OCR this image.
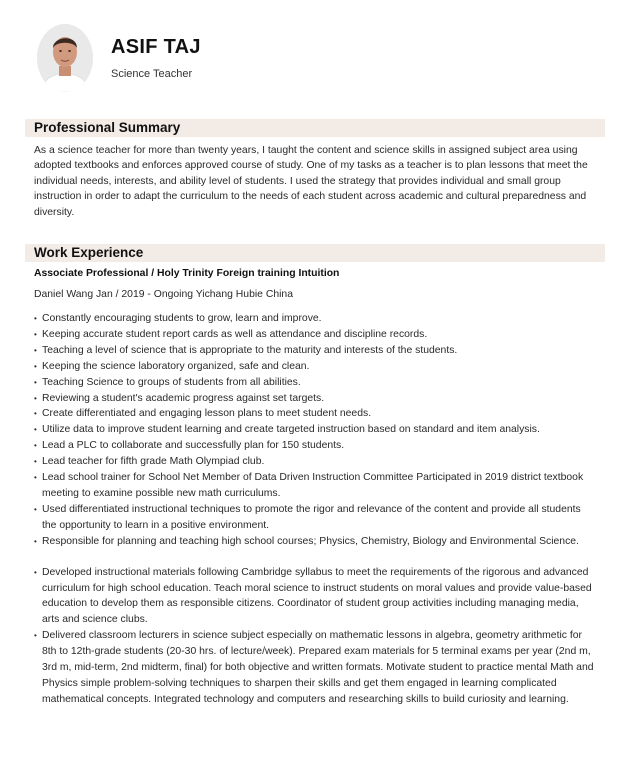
ASIF TAJ
Science Teacher
Professional Summary
As a science teacher for more than twenty years, I taught the content and science skills in assigned subject area using adopted textbooks and enforces approved course of study. One of my tasks as a teacher is to plan lessons that meet the individual needs, interests, and ability level of students. I used the strategy that provides individual and small group instruction in order to adapt the curriculum to the needs of each student across academic and cultural preparedness and diversity.
Work Experience
Associate Professional / Holy Trinity Foreign training Intuition
Daniel Wang Jan / 2019 - Ongoing Yichang Hubie China
• Constantly encouraging students to grow, learn and improve.
• Keeping accurate student report cards as well as attendance and discipline records.
• Teaching a level of science that is appropriate to the maturity and interests of the students.
• Keeping the science laboratory organized, safe and clean.
• Teaching Science to groups of students from all abilities.
• Reviewing a student's academic progress against set targets.
• Create differentiated and engaging lesson plans to meet student needs.
• Utilize data to improve student learning and create targeted instruction based on standard and item analysis.
• Lead a PLC to collaborate and successfully plan for 150 students.
• Lead teacher for fifth grade Math Olympiad club.
• Lead school trainer for School Net Member of Data Driven Instruction Committee Participated in 2019 district textbook meeting to examine possible new math curriculums.
• Used differentiated instructional techniques to promote the rigor and relevance of the content and provide all students the opportunity to learn in a positive environment.
• Responsible for planning and teaching high school courses; Physics, Chemistry, Biology and Environmental Science.
• Developed instructional materials following Cambridge syllabus to meet the requirements of the rigorous and advanced curriculum for high school education. Teach moral science to instruct students on moral values and provide value-based education to develop them as responsible citizens. Coordinator of student group activities including managing media, arts and science clubs.
• Delivered classroom lecturers in science subject especially on mathematic lessons in algebra, geometry arithmetic for 8th to 12th-grade students (20-30 hrs. of lecture/week). Prepared exam materials for 5 terminal exams per year (2nd m, 3rd m, mid-term, 2nd midterm, final) for both objective and written formats. Motivate student to practice mental Math and Physics simple problem-solving techniques to sharpen their skills and get them engaged in learning complicated mathematical concepts. Integrated technology and computers and researching skills to build curiosity and learning.
